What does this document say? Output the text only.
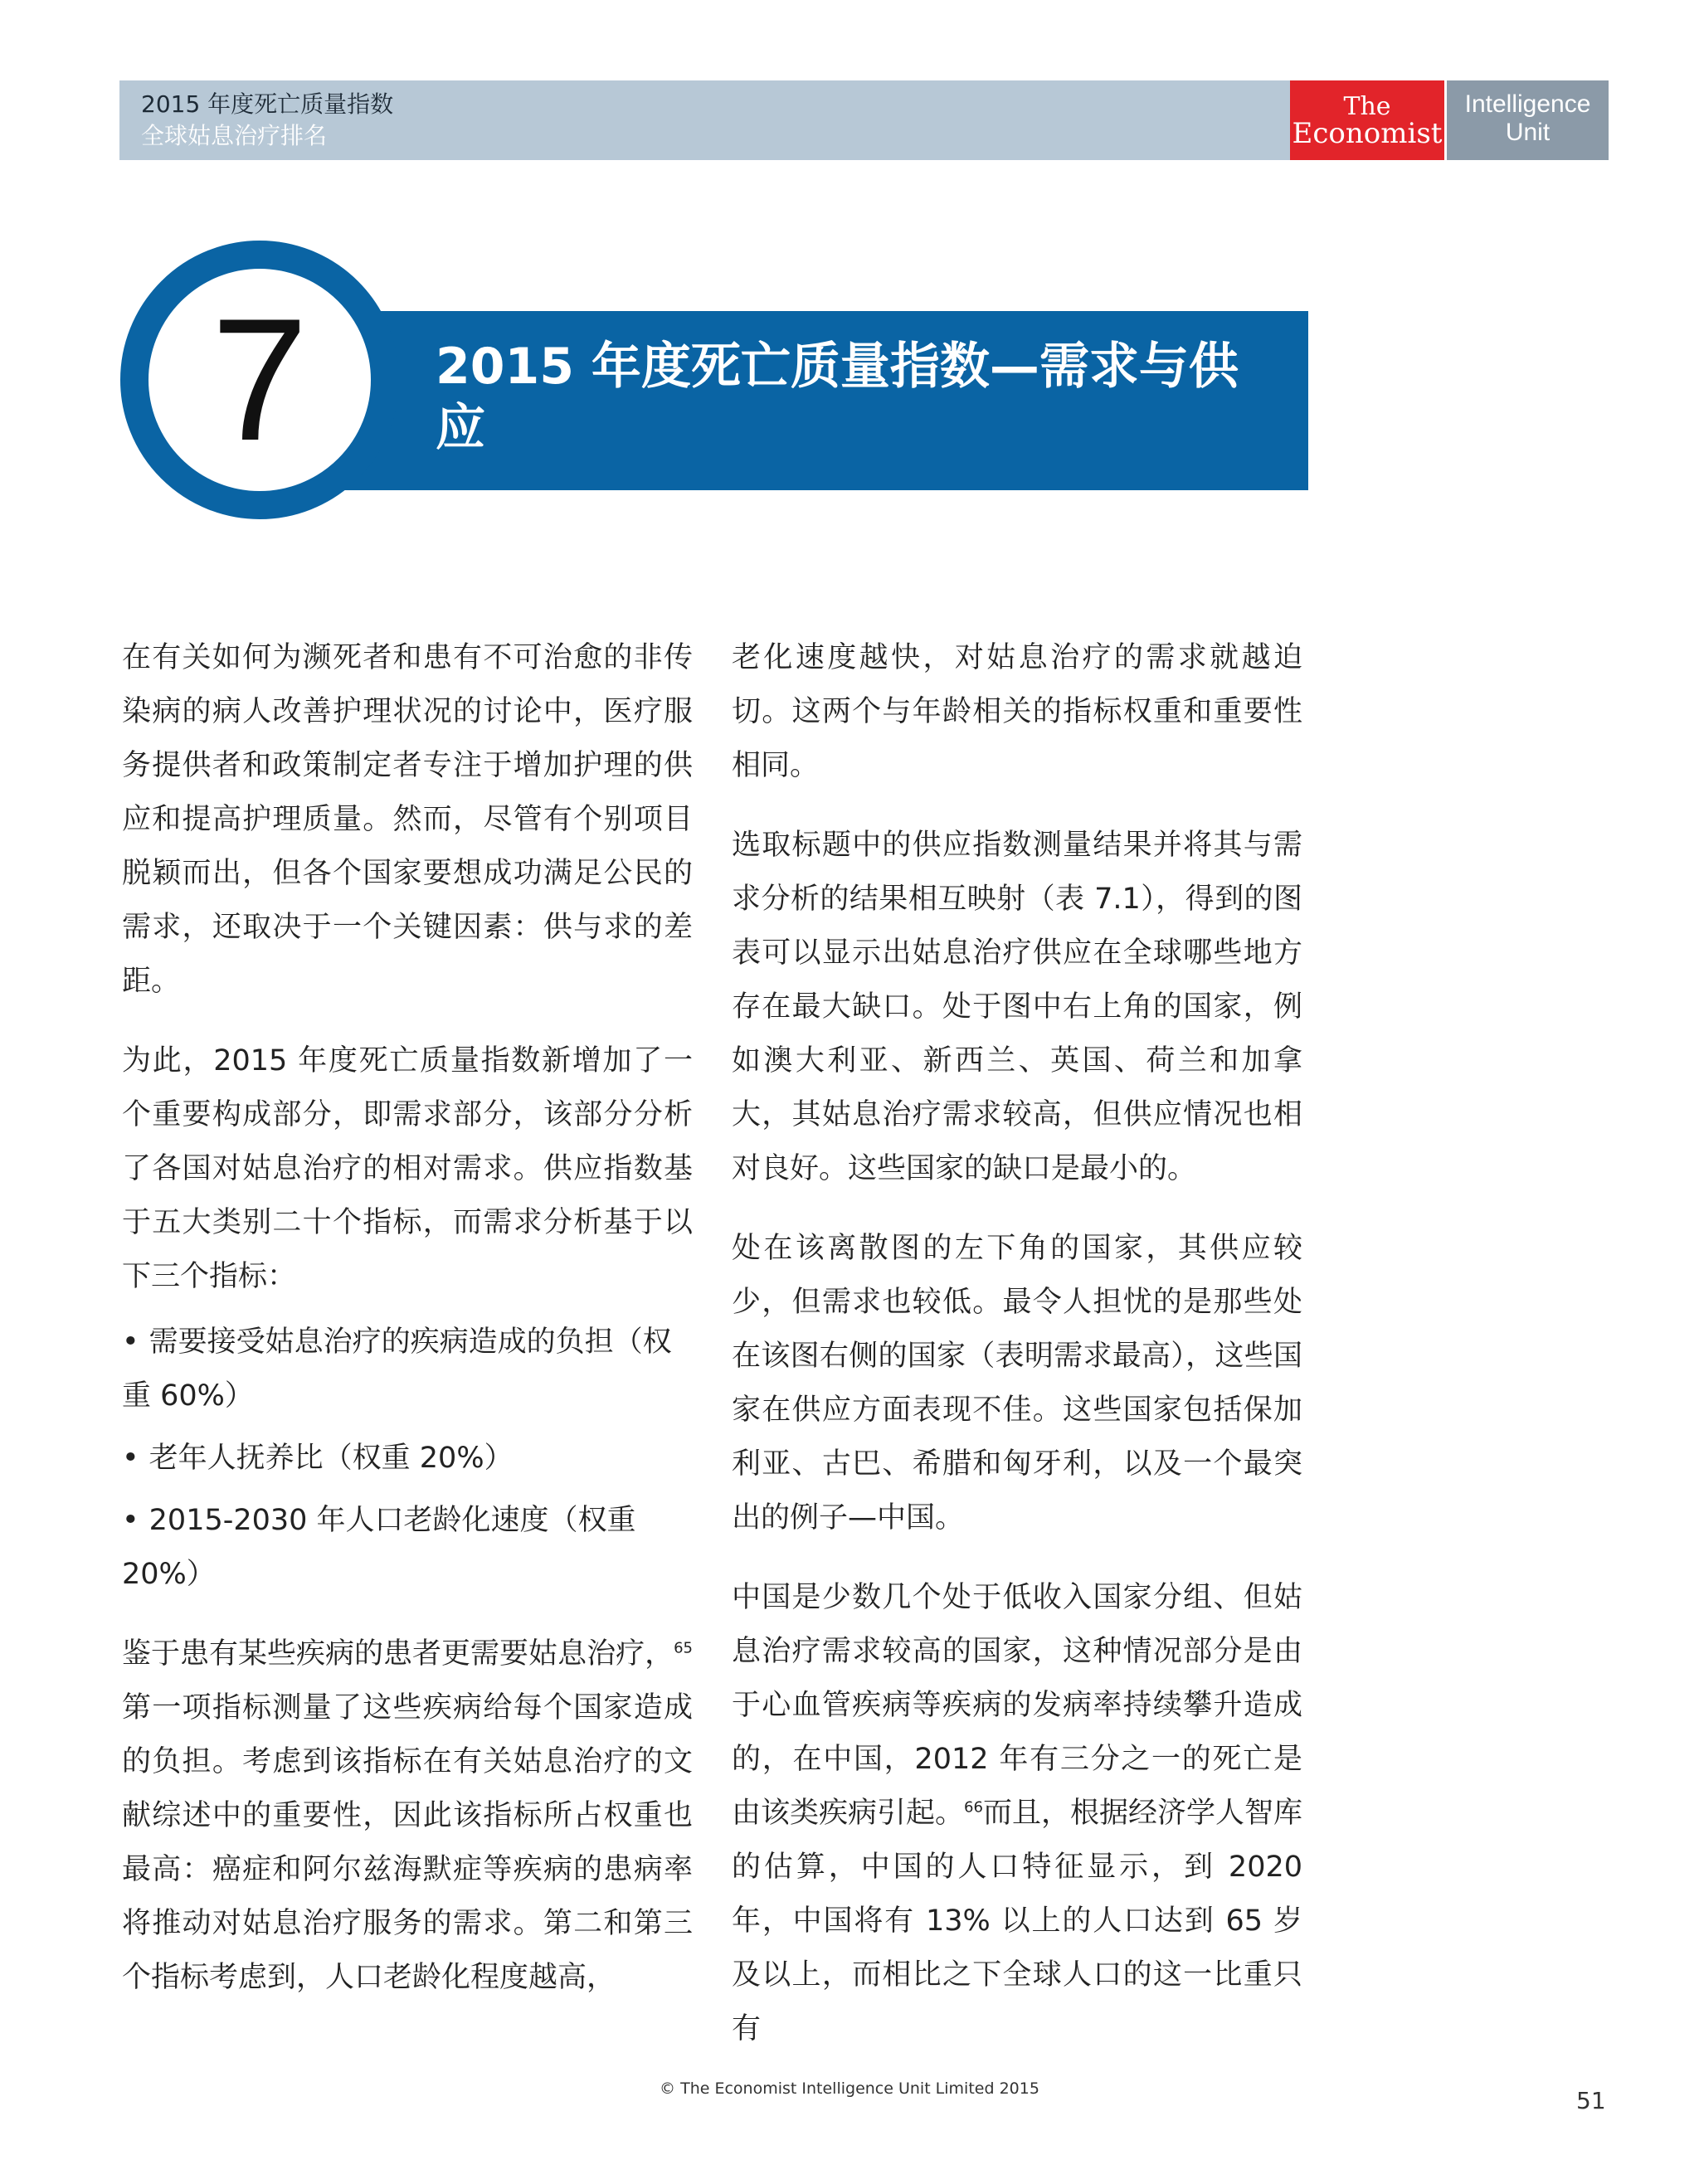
2015 年度死亡质量指数
全球姑息治疗排名
The
Economist
Intelligence
Unit
2015 年度死亡质量指数—需求与供应
7

在有关如何为濒死者和患有不可治愈的非传染病的病人改善护理状况的讨论中，医疗服务提供者和政策制定者专注于增加护理的供应和提高护理质量。然而，尽管有个别项目脱颖而出，但各个国家要想成功满足公民的需求，还取决于一个关键因素：供与求的差距。

为此，2015 年度死亡质量指数新增加了一个重要构成部分，即需求部分，该部分分析了各国对姑息治疗的相对需求。供应指数基于五大类别二十个指标，而需求分析基于以下三个指标：

• 需要接受姑息治疗的疾病造成的负担（权重 60%）
• 老年人抚养比（权重 20%）
• 2015-2030 年人口老龄化速度（权重 20%）

鉴于患有某些疾病的患者更需要姑息治疗，$^{65}$第一项指标测量了这些疾病给每个国家造成的负担。考虑到该指标在有关姑息治疗的文献综述中的重要性，因此该指标所占权重也最高：癌症和阿尔兹海默症等疾病的患病率将推动对姑息治疗服务的需求。第二和第三个指标考虑到，人口老龄化程度越高，

老化速度越快，对姑息治疗的需求就越迫切。这两个与年龄相关的指标权重和重要性相同。

选取标题中的供应指数测量结果并将其与需求分析的结果相互映射（表 7.1），得到的图表可以显示出姑息治疗供应在全球哪些地方存在最大缺口。处于图中右上角的国家，例如澳大利亚、新西兰、英国、荷兰和加拿大，其姑息治疗需求较高，但供应情况也相对良好。这些国家的缺口是最小的。

处在该离散图的左下角的国家，其供应较少，但需求也较低。最令人担忧的是那些处在该图右侧的国家（表明需求最高），这些国家在供应方面表现不佳。这些国家包括保加利亚、古巴、希腊和匈牙利，以及一个最突出的例子—中国。

中国是少数几个处于低收入国家分组、但姑息治疗需求较高的国家，这种情况部分是由于心血管疾病等疾病的发病率持续攀升造成的，在中国，2012 年有三分之一的死亡是由该类疾病引起。$^{66}$而且，根据经济学人智库的估算，中国的人口特征显示，到 2020 年，中国将有 13% 以上的人口达到 65 岁及以上，而相比之下全球人口的这一比重只有

© The Economist Intelligence Unit Limited 2015	51
